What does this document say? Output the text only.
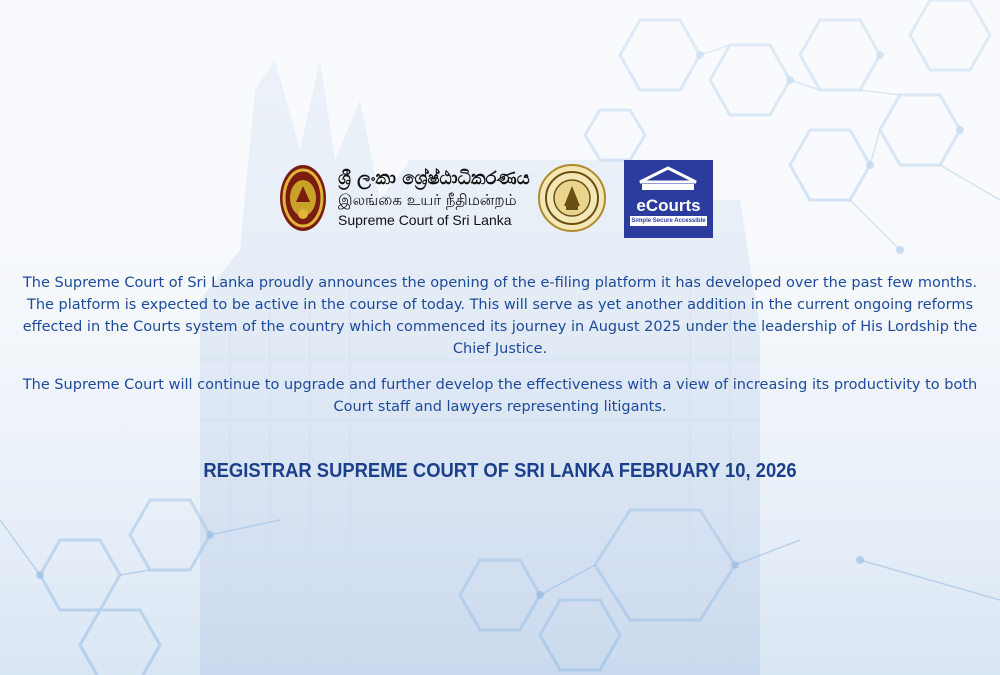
ශ්‍රී ලංකා ශ්‍රේෂ්ඨාධිකරණය
இலங்கை உயர் நீதிமன்றம்
Supreme Court of Sri Lanka
eCourts
Simple Secure Accessible
The Supreme Court of Sri Lanka proudly announces the opening of the e-filing platform it has developed over the past few months. The platform is expected to be active in the course of today. This will serve as yet another addition in the current ongoing reforms effected in the Courts system of the country which commenced its journey in August 2025 under the leadership of His Lordship the Chief Justice.
The Supreme Court will continue to upgrade and further develop the effectiveness with a view of increasing its productivity to both Court staff and lawyers representing litigants.
REGISTRAR SUPREME COURT OF SRI LANKA FEBRUARY 10, 2026
